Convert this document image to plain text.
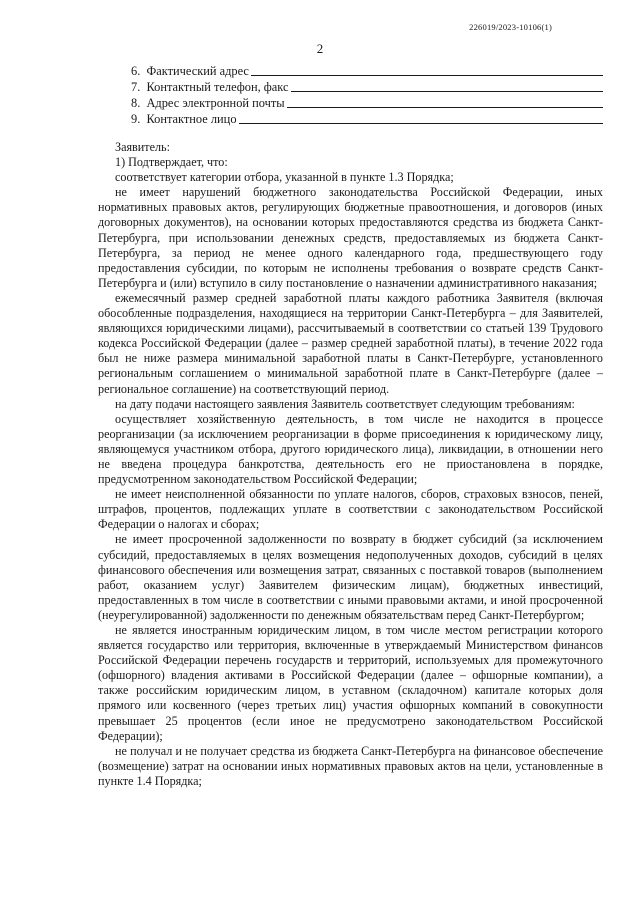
226019/2023-10106(1)
2
6.  Фактический адрес
7.  Контактный телефон, факс
8.  Адрес электронной почты
9.  Контактное лицо

Заявитель:

1) Подтверждает, что:

соответствует категории отбора, указанной в пункте 1.3 Порядка;

не имеет нарушений бюджетного законодательства Российской Федерации, иных нормативных правовых актов, регулирующих бюджетные правоотношения, и договоров (иных договорных документов), на основании которых предоставляются средства из бюджета Санкт-Петербурга, при использовании денежных средств, предоставляемых из бюджета Санкт-Петербурга, за период не менее одного календарного года, предшествующего году предоставления субсидии, по которым не исполнены требования о возврате средств Санкт-Петербурга и (или) вступило в силу постановление о назначении административного наказания;

ежемесячный размер средней заработной платы каждого работника Заявителя (включая обособленные подразделения, находящиеся на территории Санкт-Петербурга – для Заявителей, являющихся юридическими лицами), рассчитываемый в соответствии со статьей 139 Трудового кодекса Российской Федерации (далее – размер средней заработной платы), в течение 2022 года был не ниже размера минимальной заработной платы в Санкт-Петербурге, установленного региональным соглашением о минимальной заработной плате в Санкт-Петербурге (далее – региональное соглашение) на соответствующий период.

на дату подачи настоящего заявления Заявитель соответствует следующим требованиям:

осуществляет хозяйственную деятельность, в том числе не находится в процессе реорганизации (за исключением реорганизации в форме присоединения к юридическому лицу, являющемуся участником отбора, другого юридического лица), ликвидации, в отношении него не введена процедура банкротства, деятельность его не приостановлена в порядке, предусмотренном законодательством Российской Федерации;

не имеет неисполненной обязанности по уплате налогов, сборов, страховых взносов, пеней, штрафов, процентов, подлежащих уплате в соответствии с законодательством Российской Федерации о налогах и сборах;

не имеет просроченной задолженности по возврату в бюджет субсидий (за исключением субсидий, предоставляемых в целях возмещения недополученных доходов, субсидий в целях финансового обеспечения или возмещения затрат, связанных с поставкой товаров (выполнением работ, оказанием услуг) Заявителем физическим лицам), бюджетных инвестиций, предоставленных в том числе в соответствии с иными правовыми актами, и иной просроченной (неурегулированной) задолженности по денежным обязательствам перед Санкт-Петербургом;

не является иностранным юридическим лицом, в том числе местом регистрации которого является государство или территория, включенные в утверждаемый Министерством финансов Российской Федерации перечень государств и территорий, используемых для промежуточного (офшорного) владения активами в Российской Федерации (далее – офшорные компании), а также российским юридическим лицом, в уставном (складочном) капитале которых доля прямого или косвенного (через третьих лиц) участия офшорных компаний в совокупности превышает 25 процентов (если иное не предусмотрено законодательством Российской Федерации);

не получал и не получает средства из бюджета Санкт-Петербурга на финансовое обеспечение (возмещение) затрат на основании иных нормативных правовых актов на цели, установленные в пункте 1.4 Порядка;
